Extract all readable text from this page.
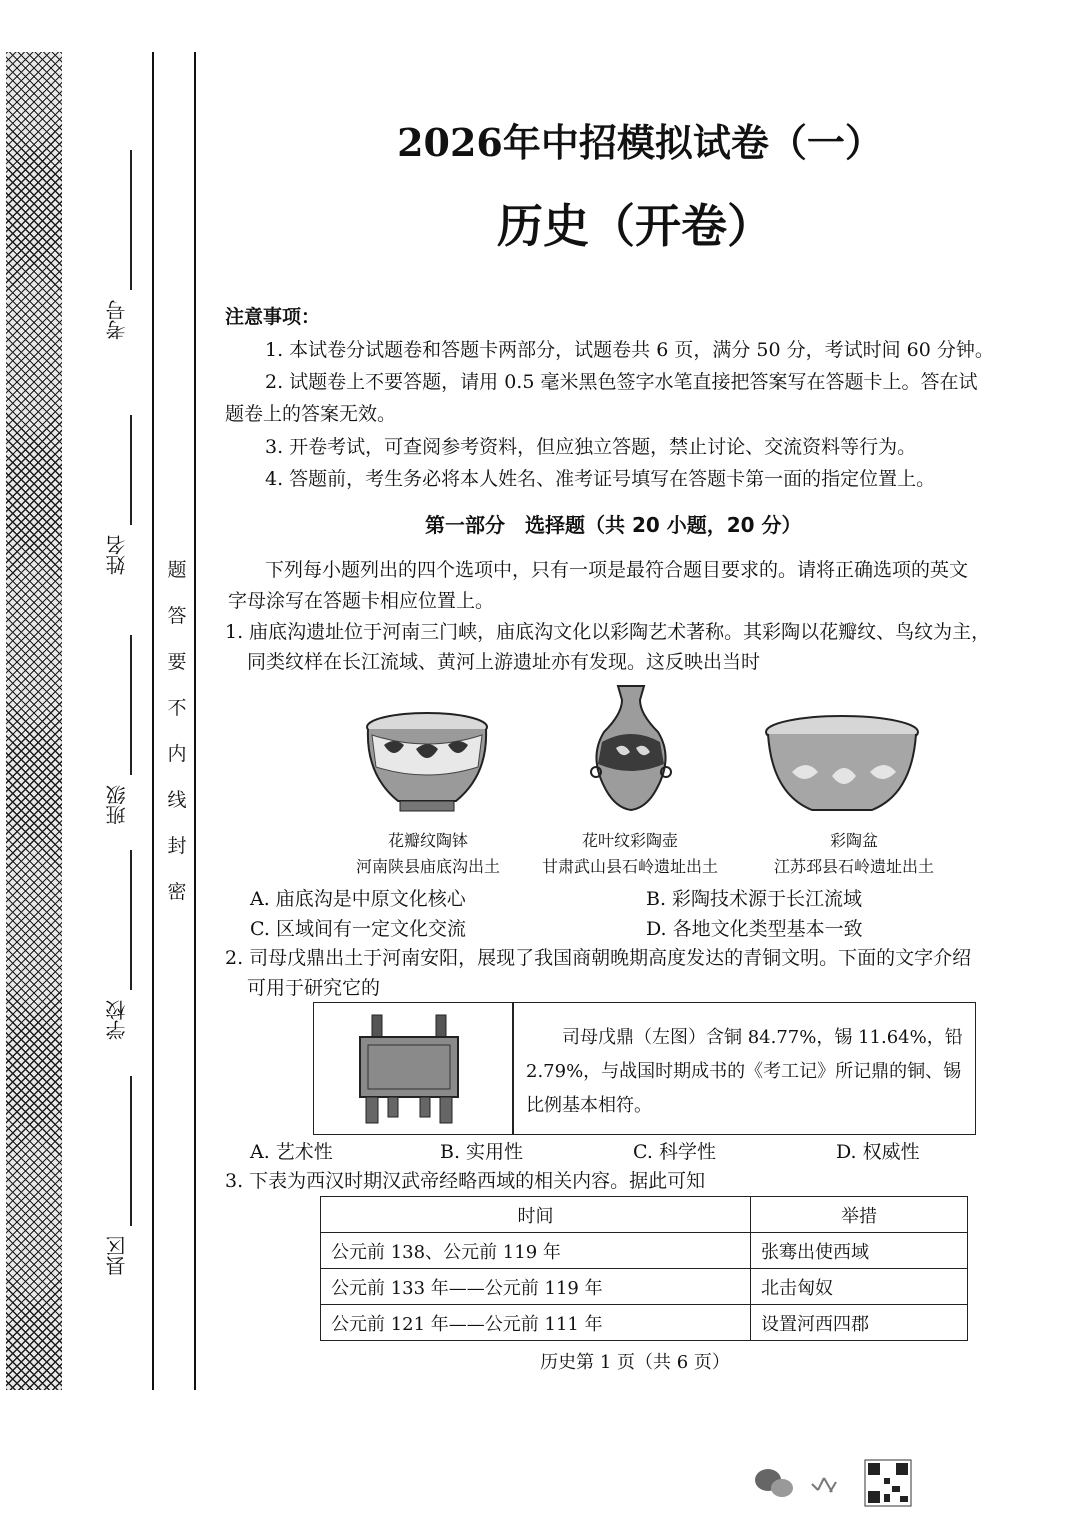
考号
姓名
班级
学校
县区
题
答
要
不
内
线
封
密
2026年中招模拟试卷（一）
历史（开卷）
注意事项：
1. 本试卷分试题卷和答题卡两部分，试题卷共 6 页，满分 50 分，考试时间 60 分钟。
2. 试题卷上不要答题，请用 0.5 毫米黑色签字水笔直接把答案写在答题卡上。答在试
题卷上的答案无效。
3. 开卷考试，可查阅参考资料，但应独立答题，禁止讨论、交流资料等行为。
4. 答题前，考生务必将本人姓名、准考证号填写在答题卡第一面的指定位置上。
第一部分　选择题（共 20 小题，20 分）
下列每小题列出的四个选项中，只有一项是最符合题目要求的。请将正确选项的英文
字母涂写在答题卡相应位置上。
1. 庙底沟遗址位于河南三门峡，庙底沟文化以彩陶艺术著称。其彩陶以花瓣纹、鸟纹为主，
同类纹样在长江流域、黄河上游遗址亦有发现。这反映出当时
花瓣纹陶钵
河南陕县庙底沟出土
花叶纹彩陶壶
甘肃武山县石岭遗址出土
彩陶盆
江苏邳县石岭遗址出土
A. 庙底沟是中原文化核心	B. 彩陶技术源于长江流域
C. 区域间有一定文化交流	D. 各地文化类型基本一致
2. 司母戊鼎出土于河南安阳，展现了我国商朝晚期高度发达的青铜文明。下面的文字介绍
可用于研究它的
司母戊鼎（左图）含铜 84.77%，锡 11.64%，铅 2.79%，与战国时期成书的《考工记》所记鼎的铜、锡比例基本相符。
A. 艺术性	B. 实用性	C. 科学性	D. 权威性
3. 下表为西汉时期汉武帝经略西域的相关内容。据此可知
时间	举措
公元前 138、公元前 119 年	张骞出使西域
公元前 133 年——公元前 119 年	北击匈奴
公元前 121 年——公元前 111 年	设置河西四郡
历史第 1 页（共 6 页）
